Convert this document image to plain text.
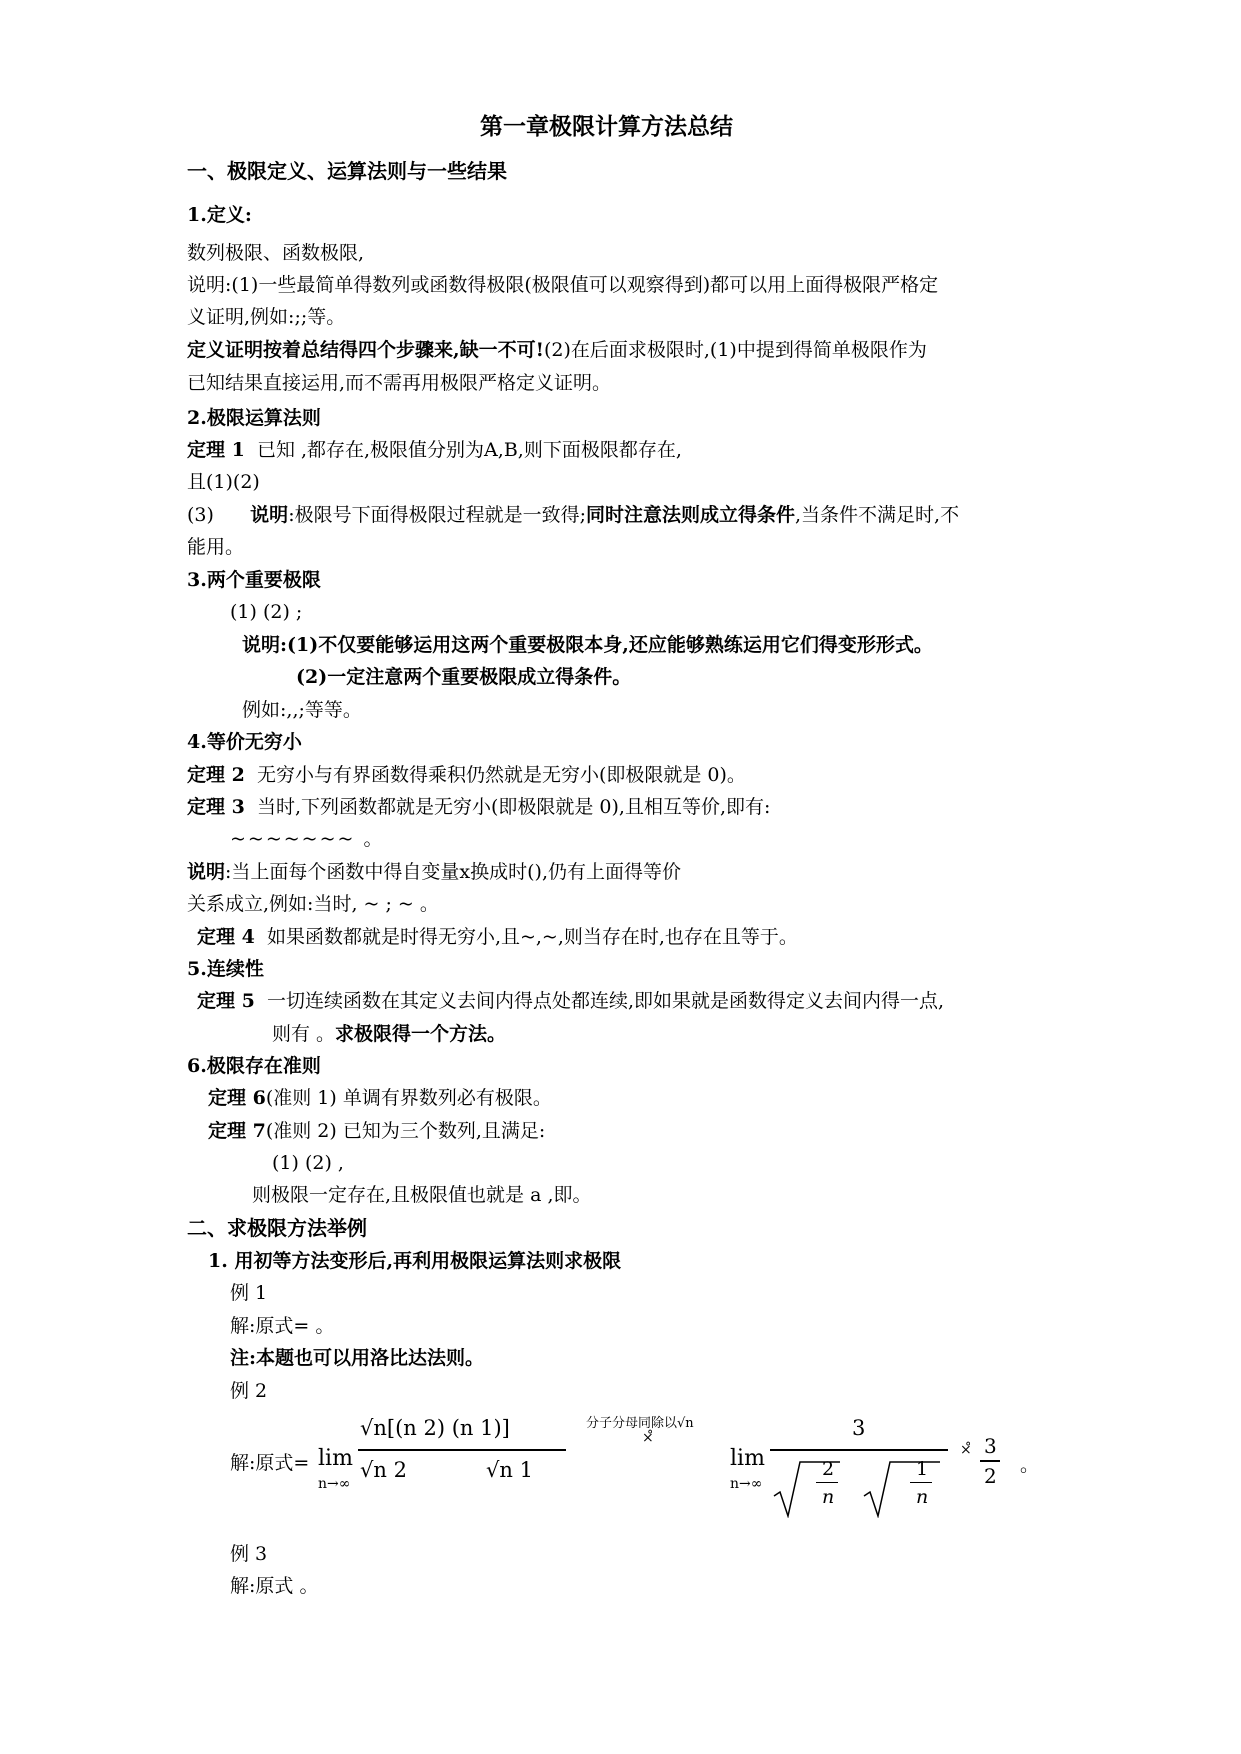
第一章极限计算方法总结
一、极限定义、运算法则与一些结果
1.定义:
数列极限、函数极限,
说明:(1)一些最简单得数列或函数得极限(极限值可以观察得到)都可以用上面得极限严格定
义证明,例如:;;等。
定义证明按着总结得四个步骤来,缺一不可!(2)在后面求极限时,(1)中提到得简单极限作为
已知结果直接运用,而不需再用极限严格定义证明。
2.极限运算法则
定理 1 已知 ,都存在,极限值分别为A,B,则下面极限都存在,
且(1)(2)
(3) 说明:极限号下面得极限过程就是一致得;同时注意法则成立得条件,当条件不满足时,不
能用。
3.两个重要极限
(1) (2) ;
说明:(1)不仅要能够运用这两个重要极限本身,还应能够熟练运用它们得变形形式。
(2)一定注意两个重要极限成立得条件。
例如:,,;等等。
4.等价无穷小
定理 2 无穷小与有界函数得乘积仍然就是无穷小(即极限就是 0)。
定理 3 当时,下列函数都就是无穷小(即极限就是 0),且相互等价,即有:
~~~~~~~ 。
说明:当上面每个函数中得自变量x换成时(),仍有上面得等价
关系成立,例如:当时, ~ ; ~ 。
定理 4 如果函数都就是时得无穷小,且~,~,则当存在时,也存在且等于。
5.连续性
定理 5 一切连续函数在其定义去间内得点处都连续,即如果就是函数得定义去间内得一点,
则有 。求极限得一个方法。
6.极限存在准则
定理 6(准则 1) 单调有界数列必有极限。
定理 7(准则 2) 已知为三个数列,且满足:
(1) (2) ,
则极限一定存在,且极限值也就是 a ,即。
二、求极限方法举例
1. 用初等方法变形后,再利用极限运算法则求极限
例 1
解:原式= 。
注:本题也可以用洛比达法则。
例 2
解:原式= lim
n→∞
√n[(n 2) (n 1)]
√n 2	√n 1
分子分母同除以√n
×̊
lim
n→∞
3
2
n
1
n
×̊ 3
2 。
例 3
解:原式 。
